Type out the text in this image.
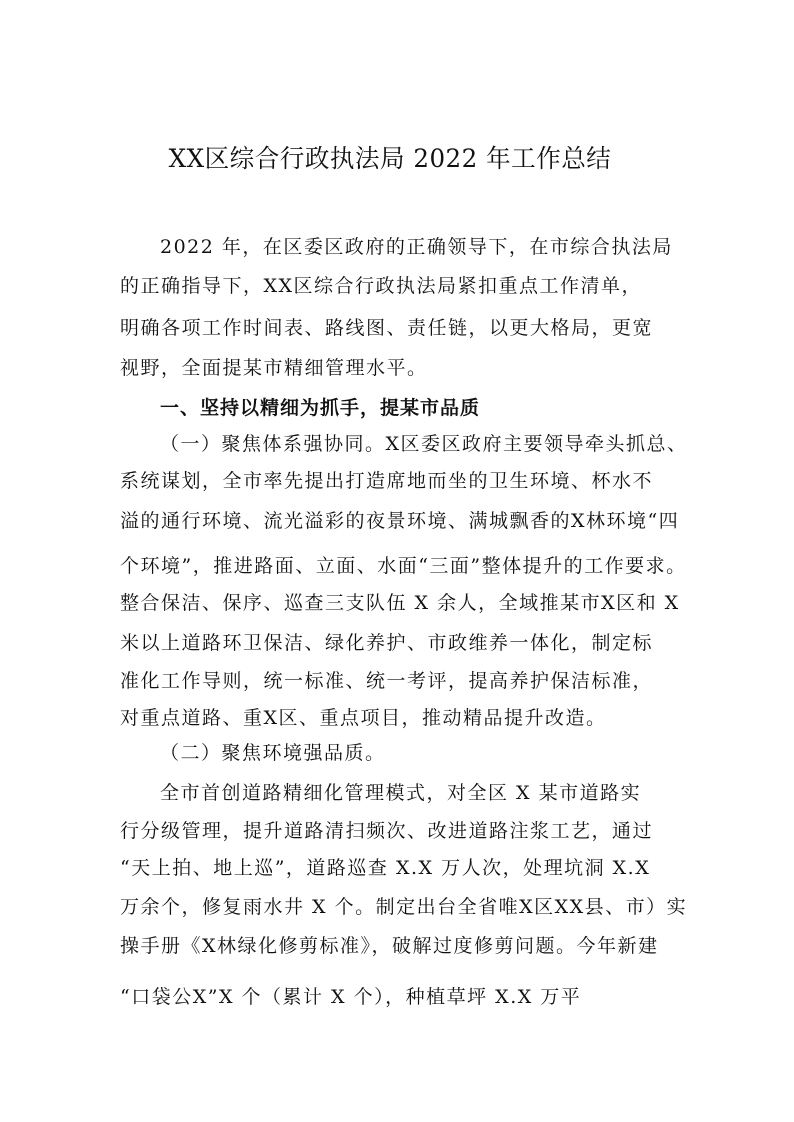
XX区综合行政执法局 2022 年工作总结
2022 年，在区委区政府的正确领导下，在市综合执法局
的正确指导下，XX区综合行政执法局紧扣重点工作清单，
明确各项工作时间表、路线图、责任链，以更大格局，更宽
视野，全面提某市精细管理水平。
一、坚持以精细为抓手，提某市品质
（一）聚焦体系强协同。X区委区政府主要领导牵头抓总、
系统谋划，全市率先提出打造席地而坐的卫生环境、杯水不
溢的通行环境、流光溢彩的夜景环境、满城飘香的X林环境“四
个环境”，推进路面、立面、水面“三面”整体提升的工作要求。
整合保洁、保序、巡查三支队伍 X 余人，全域推某市X区和 X
米以上道路环卫保洁、绿化养护、市政维养一体化，制定标
准化工作导则，统一标准、统一考评，提高养护保洁标准，
对重点道路、重X区、重点项目，推动精品提升改造。
（二）聚焦环境强品质。
全市首创道路精细化管理模式，对全区 X 某市道路实
行分级管理，提升道路清扫频次、改进道路注浆工艺，通过
“天上拍、地上巡”，道路巡查 X.X 万人次，处理坑洞 X.X
万余个，修复雨水井 X 个。制定出台全省唯X区XX县、市）实
操手册《X林绿化修剪标准》，破解过度修剪问题。今年新建
“口袋公X”X 个（累计 X 个），种植草坪 X.X 万平
